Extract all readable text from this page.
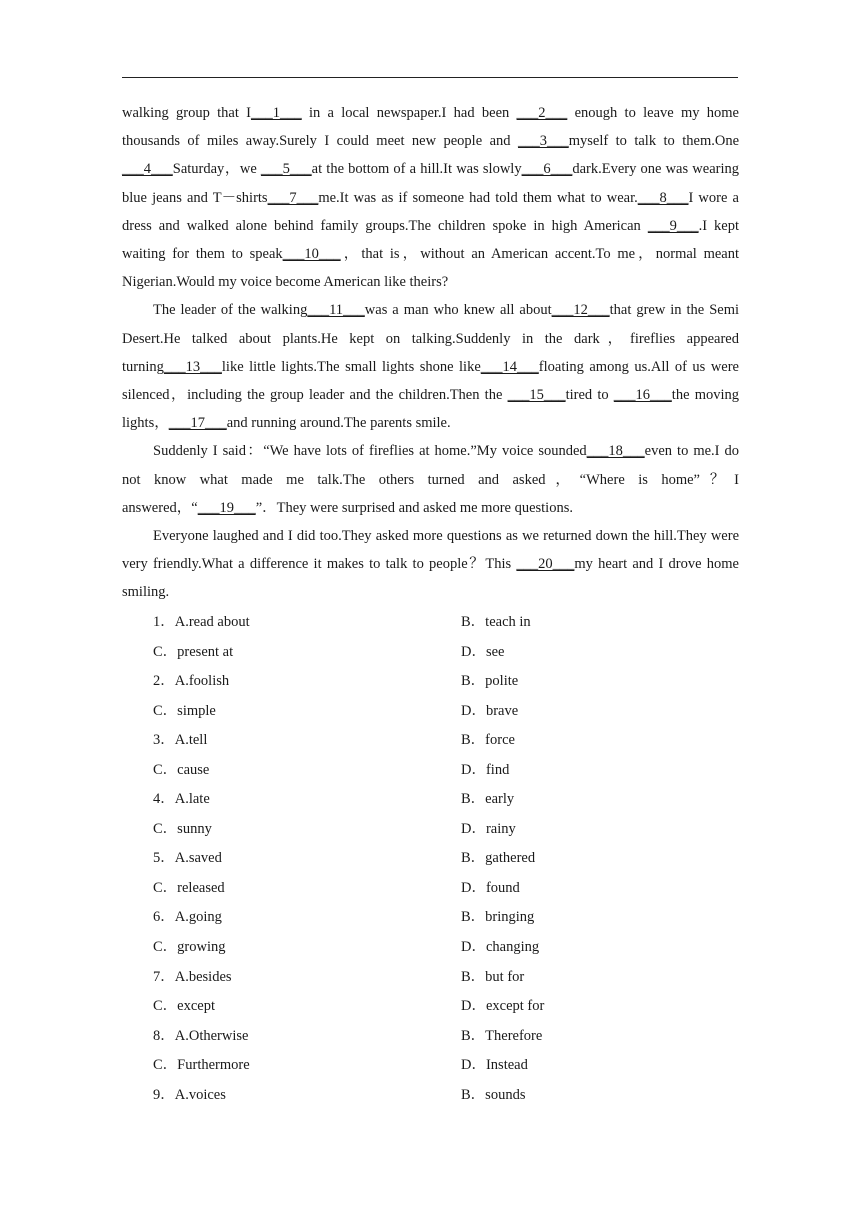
walking group that I___1___ in a local newspaper.I had been ___2___ enough to leave my home thousands of miles away.Surely I could meet new people and ___3___myself to talk to them.One ___4___Saturday，we ___5___at the bottom of a hill.It was slowly___6___dark.Every one was wearing blue jeans and T－shirts___7___me.It was as if someone had told them what to wear.___8___I wore a dress and walked alone behind family groups.The children spoke in high American ___9___.I kept waiting for them to speak___10___，that is，without an American accent.To me，normal meant Nigerian.Would my voice become American like theirs?

The leader of the walking___11___was a man who knew all about___12___that grew in the Semi Desert.He talked about plants.He kept on talking.Suddenly in the dark，fireflies appeared turning___13___like little lights.The small lights shone like___14___floating among us.All of us were silenced，including the group leader and the children.Then the ___15___tired to ___16___the moving lights，___17___and running around.The parents smile.

Suddenly I said：“We have lots of fireflies at home.”My voice sounded___18___even to me.I do not know what made me talk.The others turned and asked，“Where is home”？I answered，“___19___”．They were surprised and asked me more questions.

Everyone laughed and I did too.They asked more questions as we returned down the hill.They were very friendly.What a difference it makes to talk to people？This ___20___my heart and I drove home smiling.

1．A.read about	B．teach in
C．present at	D．see
2．A.foolish	B．polite
C．simple	D．brave
3．A.tell	B．force
C．cause	D．find
4．A.late	B．early
C．sunny	D．rainy
5．A.saved	B．gathered
C．released	D．found
6．A.going	B．bringing
C．growing	D．changing
7．A.besides	B．but for
C．except	D．except for
8．A.Otherwise	B．Therefore
C．Furthermore	D．Instead
9．A.voices	B．sounds
